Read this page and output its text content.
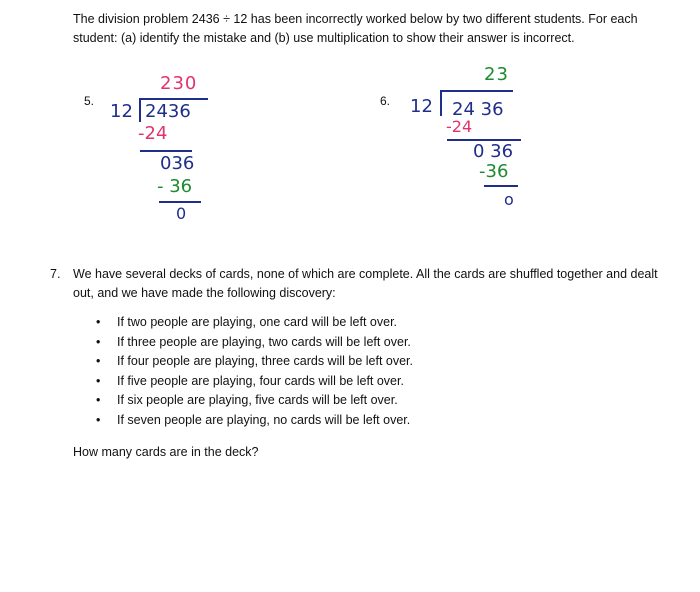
The division problem 2436 ÷ 12 has been incorrectly worked below by two different students. For each
student: (a) identify the mistake and (b) use multiplication to show their answer is incorrect.
5.
230
12 2436
-24
036
- 36
0
6.
23
12 24 36
-24
0 36
-36
o
7. We have several decks of cards, none of which are complete. All the cards are shuffled together and dealt
out, and we have made the following discovery:
• If two people are playing, one card will be left over.
• If three people are playing, two cards will be left over.
• If four people are playing, three cards will be left over.
• If five people are playing, four cards will be left over.
• If six people are playing, five cards will be left over.
• If seven people are playing, no cards will be left over.
How many cards are in the deck?
